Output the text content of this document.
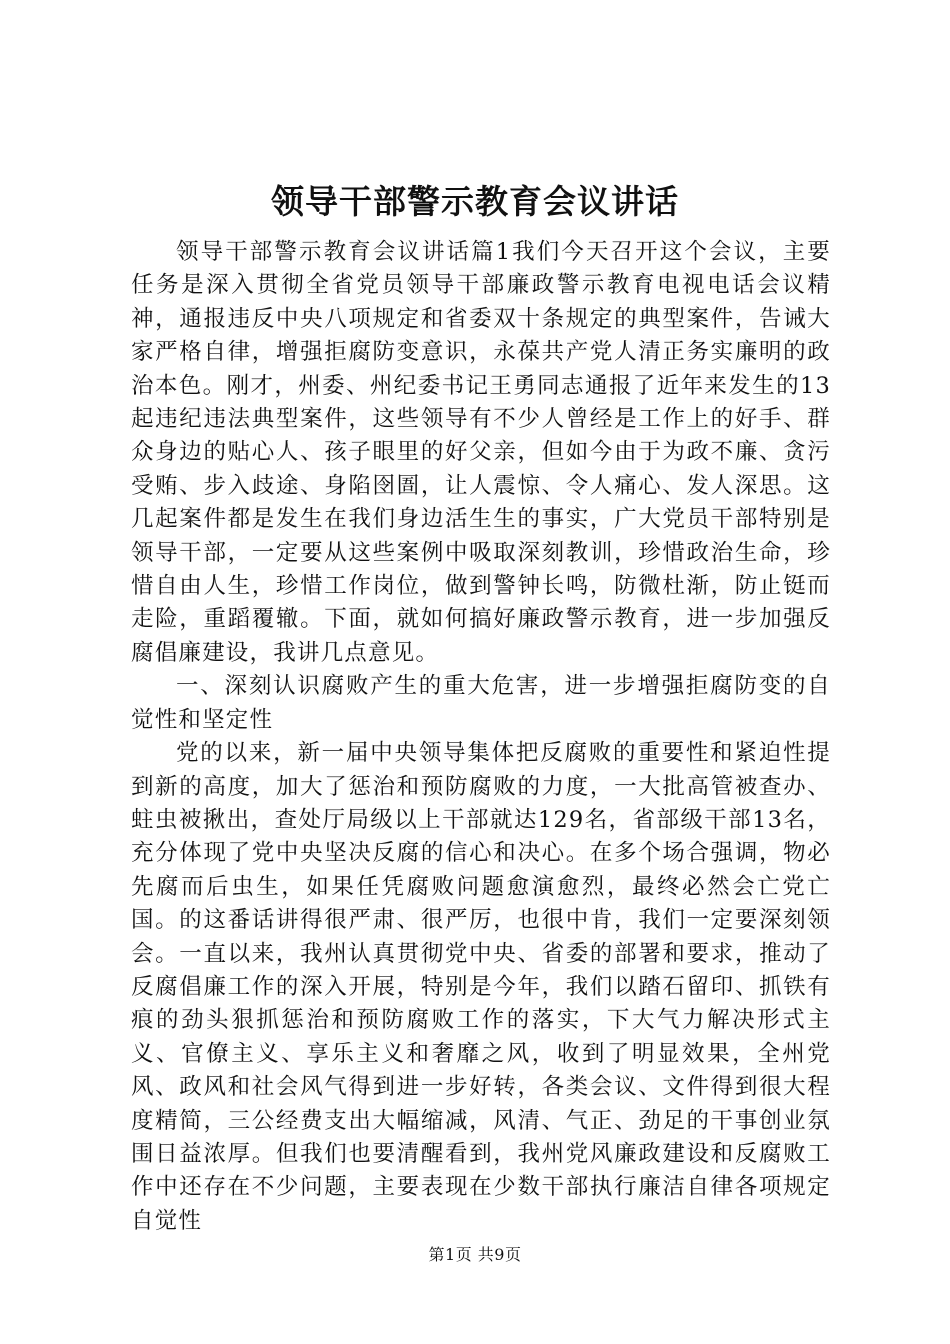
领导干部警示教育会议讲话

领导干部警示教育会议讲话篇1我们今天召开这个会议，主要任务是深入贯彻全省党员领导干部廉政警示教育电视电话会议精神，通报违反中央八项规定和省委双十条规定的典型案件，告诫大家严格自律，增强拒腐防变意识，永葆共产党人清正务实廉明的政治本色。刚才，州委、州纪委书记王勇同志通报了近年来发生的13起违纪违法典型案件，这些领导有不少人曾经是工作上的好手、群众身边的贴心人、孩子眼里的好父亲，但如今由于为政不廉、贪污受贿、步入歧途、身陷囹圄，让人震惊、令人痛心、发人深思。这几起案件都是发生在我们身边活生生的事实，广大党员干部特别是领导干部，一定要从这些案例中吸取深刻教训，珍惜政治生命，珍惜自由人生，珍惜工作岗位，做到警钟长鸣，防微杜渐，防止铤而走险，重蹈覆辙。下面，就如何搞好廉政警示教育，进一步加强反腐倡廉建设，我讲几点意见。

一、深刻认识腐败产生的重大危害，进一步增强拒腐防变的自觉性和坚定性

党的以来，新一届中央领导集体把反腐败的重要性和紧迫性提到新的高度，加大了惩治和预防腐败的力度，一大批高管被查办、蛀虫被揪出，查处厅局级以上干部就达129名，省部级干部13名，充分体现了党中央坚决反腐的信心和决心。在多个场合强调，物必先腐而后虫生，如果任凭腐败问题愈演愈烈，最终必然会亡党亡国。的这番话讲得很严肃、很严厉，也很中肯，我们一定要深刻领会。一直以来，我州认真贯彻党中央、省委的部署和要求，推动了反腐倡廉工作的深入开展，特别是今年，我们以踏石留印、抓铁有痕的劲头狠抓惩治和预防腐败工作的落实，下大气力解决形式主义、官僚主义、享乐主义和奢靡之风，收到了明显效果，全州党风、政风和社会风气得到进一步好转，各类会议、文件得到很大程度精简，三公经费支出大幅缩减，风清、气正、劲足的干事创业氛围日益浓厚。但我们也要清醒看到，我州党风廉政建设和反腐败工作中还存在不少问题，主要表现在少数干部执行廉洁自律各项规定自觉性

第1页 共9页
